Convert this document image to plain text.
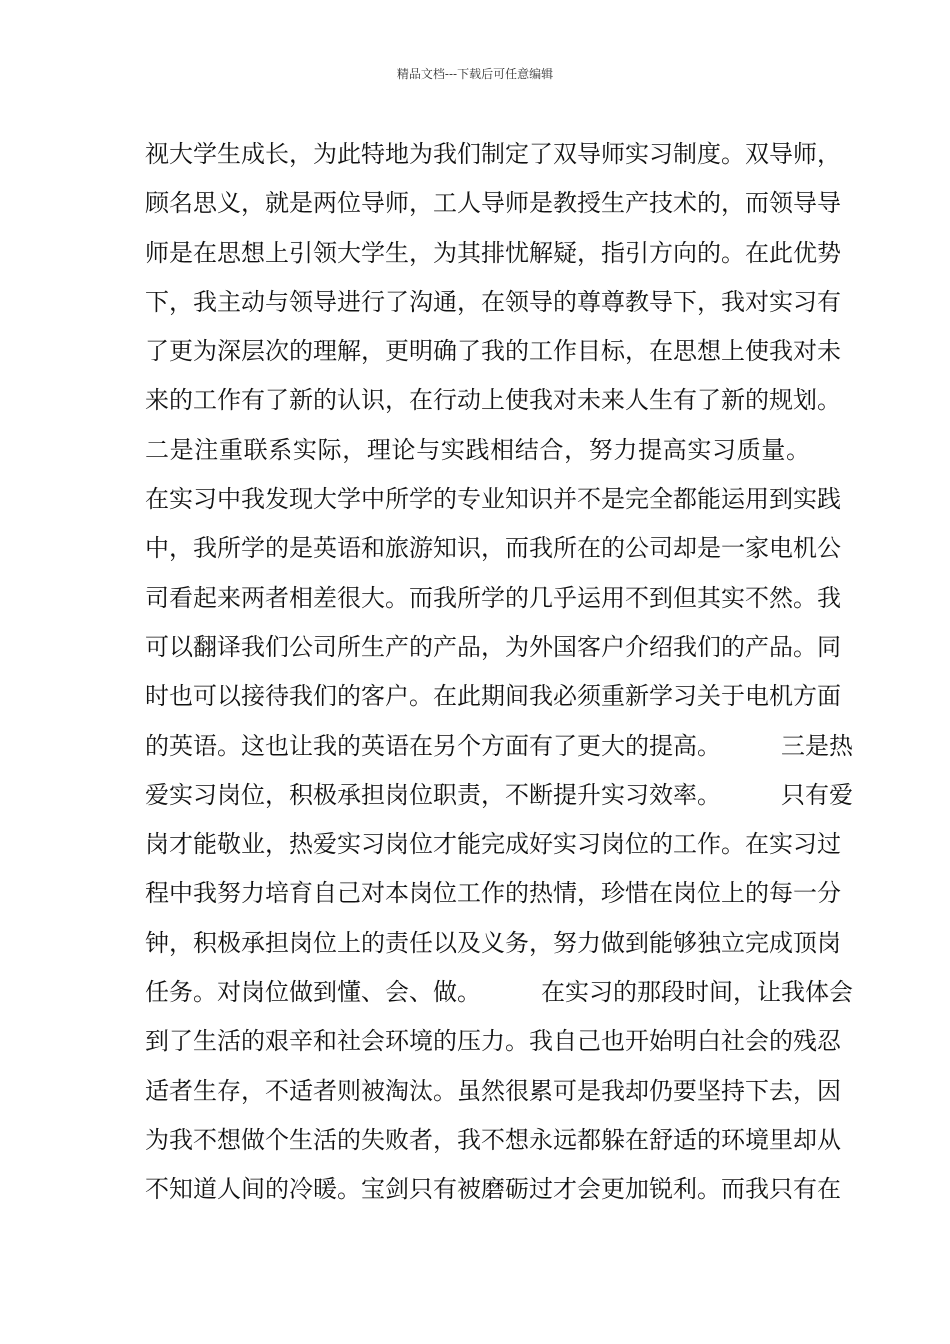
精品文档---下载后可任意编辑
视大学生成长，为此特地为我们制定了双导师实习制度。双导师，
顾名思义，就是两位导师，工人导师是教授生产技术的，而领导导
师是在思想上引领大学生，为其排忧解疑，指引方向的。在此优势
下，我主动与领导进行了沟通，在领导的尊尊教导下，我对实习有
了更为深层次的理解，更明确了我的工作目标，在思想上使我对未
来的工作有了新的认识，在行动上使我对未来人生有了新的规划。
二是注重联系实际，理论与实践相结合，努力提高实习质量。
在实习中我发现大学中所学的专业知识并不是完全都能运用到实践
中，我所学的是英语和旅游知识，而我所在的公司却是一家电机公
司看起来两者相差很大。而我所学的几乎运用不到但其实不然。我
可以翻译我们公司所生产的产品，为外国客户介绍我们的产品。同
时也可以接待我们的客户。在此期间我必须重新学习关于电机方面
的英语。这也让我的英语在另个方面有了更大的提高。　　　三是热
爱实习岗位，积极承担岗位职责，不断提升实习效率。　　　只有爱
岗才能敬业，热爱实习岗位才能完成好实习岗位的工作。在实习过
程中我努力培育自己对本岗位工作的热情，珍惜在岗位上的每一分
钟，积极承担岗位上的责任以及义务，努力做到能够独立完成顶岗
任务。对岗位做到懂、会、做。　　　在实习的那段时间，让我体会
到了生活的艰辛和社会环境的压力。我自己也开始明白社会的残忍
适者生存，不适者则被淘汰。虽然很累可是我却仍要坚持下去，因
为我不想做个生活的失败者，我不想永远都躲在舒适的环境里却从
不知道人间的冷暖。宝剑只有被磨砺过才会更加锐利。而我只有在
